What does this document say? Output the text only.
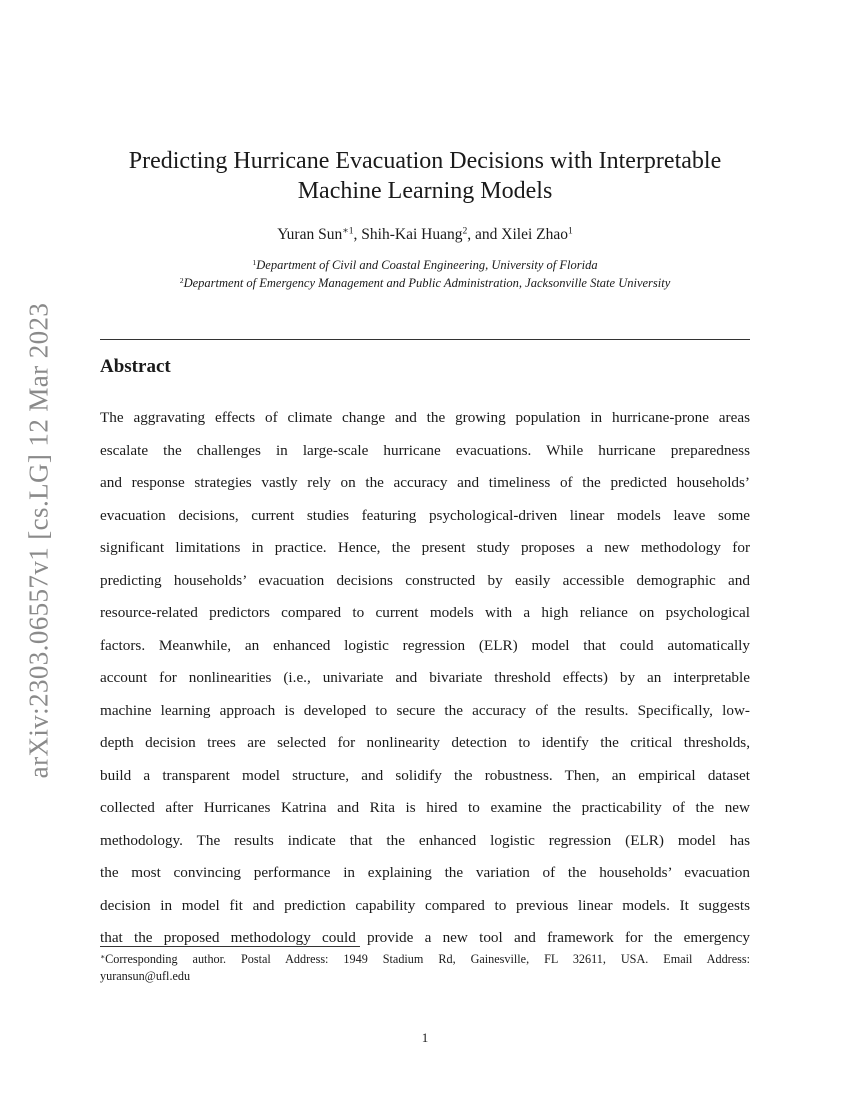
arXiv:2303.06557v1 [cs.LG] 12 Mar 2023
Predicting Hurricane Evacuation Decisions with Interpretable
Machine Learning Models
Yuran Sun$^{∗1}$, Shih-Kai Huang$^2$, and Xilei Zhao$^1$
$^1$Department of Civil and Coastal Engineering, University of Florida
$^2$Department of Emergency Management and Public Administration, Jacksonville State University
Abstract
The aggravating effects of climate change and the growing population in hurricane-prone areas
escalate the challenges in large-scale hurricane evacuations. While hurricane preparedness
and response strategies vastly rely on the accuracy and timeliness of the predicted households’
evacuation decisions, current studies featuring psychological-driven linear models leave some
significant limitations in practice. Hence, the present study proposes a new methodology for
predicting households’ evacuation decisions constructed by easily accessible demographic and
resource-related predictors compared to current models with a high reliance on psychological
factors. Meanwhile, an enhanced logistic regression (ELR) model that could automatically
account for nonlinearities (i.e., univariate and bivariate threshold effects) by an interpretable
machine learning approach is developed to secure the accuracy of the results. Specifically, low-
depth decision trees are selected for nonlinearity detection to identify the critical thresholds,
build a transparent model structure, and solidify the robustness. Then, an empirical dataset
collected after Hurricanes Katrina and Rita is hired to examine the practicability of the new
methodology. The results indicate that the enhanced logistic regression (ELR) model has
the most convincing performance in explaining the variation of the households’ evacuation
decision in model fit and prediction capability compared to previous linear models. It suggests
that the proposed methodology could provide a new tool and framework for the emergency
∗Corresponding author. Postal Address: 1949 Stadium Rd, Gainesville, FL 32611, USA. Email Address:
yuransun@ufl.edu
1
